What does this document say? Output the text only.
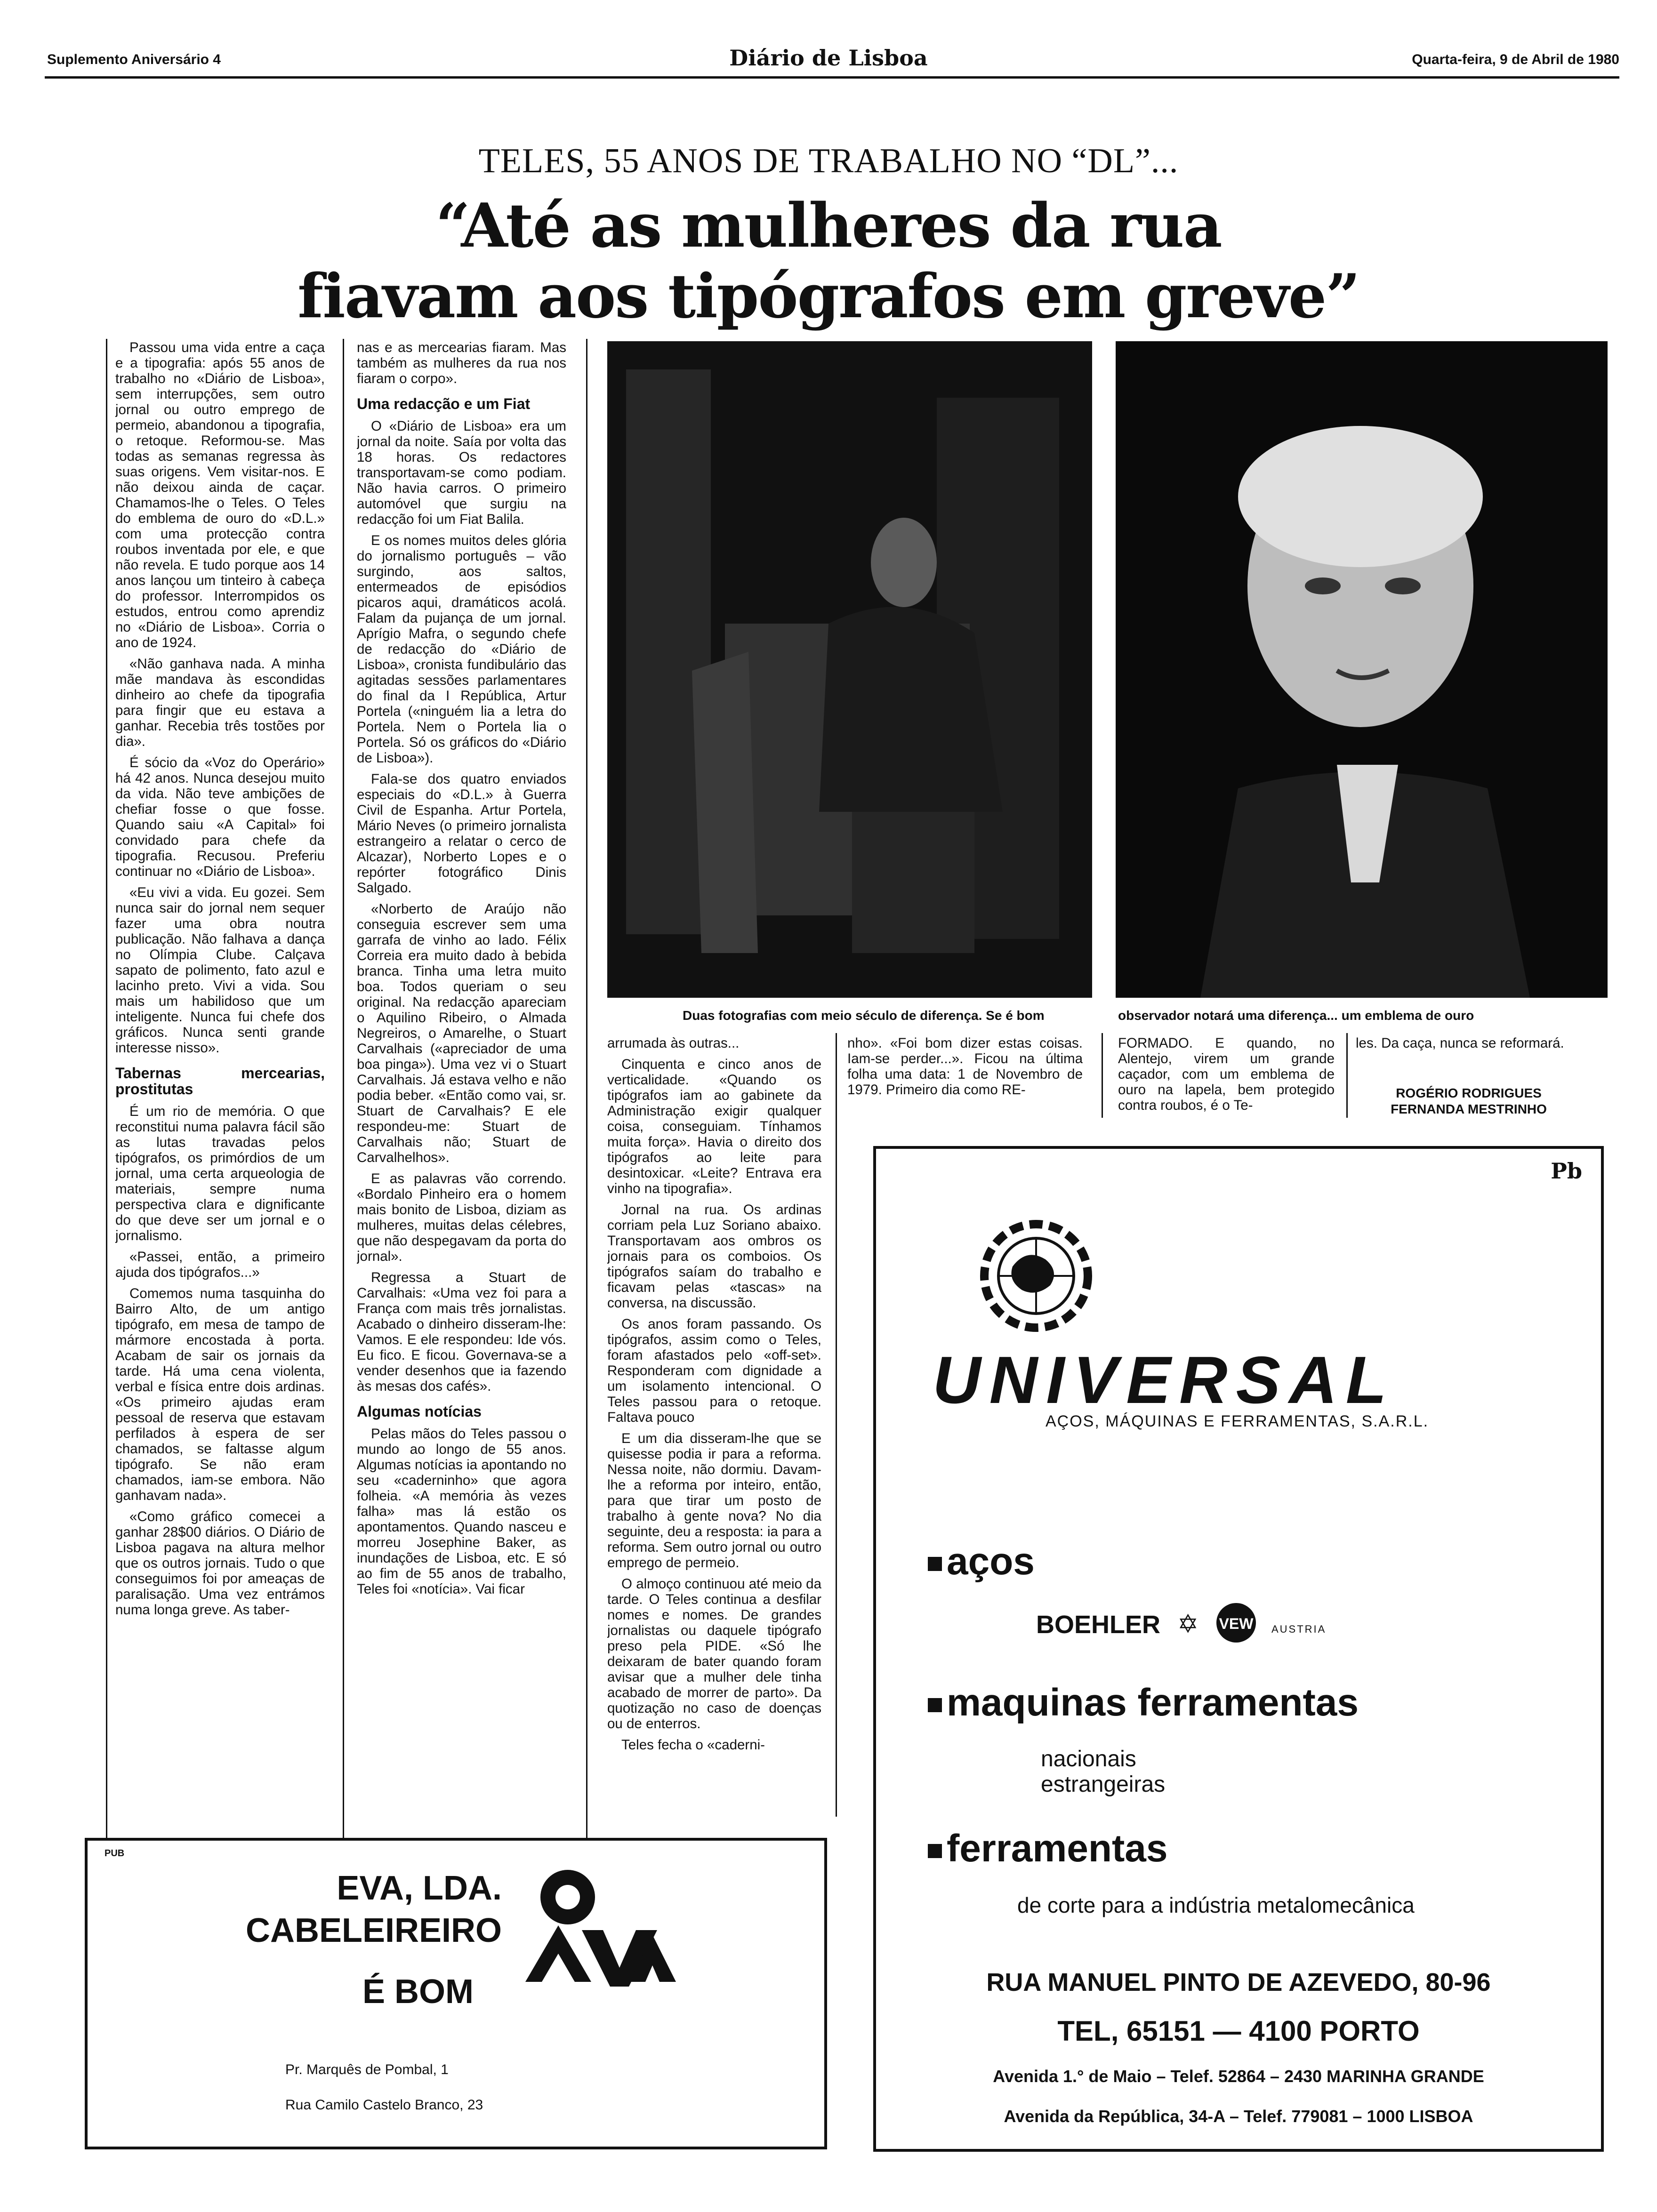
Suplemento Aniversário 4	Diário de Lisboa	Quarta-feira, 9 de Abril de 1980
TELES, 55 ANOS DE TRABALHO NO “DL”...
“Até as mulheres da rua
fiavam aos tipógrafos em greve”

Passou uma vida entre a caça e a tipografia: após 55 anos de trabalho no «Diário de Lisboa», sem interrupções, sem outro jornal ou outro emprego de permeio, abandonou a tipografia, o retoque. Reformou-se. Mas todas as semanas regressa às suas origens. Vem visitar-nos. E não deixou ainda de caçar. Chamamos-lhe o Teles. O Teles do emblema de ouro do «D.L.» com uma protecção contra roubos inventada por ele, e que não revela. E tudo porque aos 14 anos lançou um tinteiro à cabeça do professor. Interrompidos os estudos, entrou como aprendiz no «Diário de Lisboa». Corria o ano de 1924.

«Não ganhava nada. A minha mãe mandava às escondidas dinheiro ao chefe da tipografia para fingir que eu estava a ganhar. Recebia três tostões por dia».

É sócio da «Voz do Operário» há 42 anos. Nunca desejou muito da vida. Não teve ambições de chefiar fosse o que fosse. Quando saiu «A Capital» foi convidado para chefe da tipografia. Recusou. Preferiu continuar no «Diário de Lisboa».

«Eu vivi a vida. Eu gozei. Sem nunca sair do jornal nem sequer fazer uma obra noutra publicação. Não falhava a dança no Olímpia Clube. Calçava sapato de polimento, fato azul e lacinho preto. Vivi a vida. Sou mais um habilidoso que um inteligente. Nunca fui chefe dos gráficos. Nunca senti grande interesse nisso».

Tabernas mercearias, prostitutas

É um rio de memória. O que reconstitui numa palavra fácil são as lutas travadas pelos tipógrafos, os primórdios de um jornal, uma certa arqueologia de materiais, sempre numa perspectiva clara e dignificante do que deve ser um jornal e o jornalismo.

«Passei, então, a primeiro ajuda dos tipógrafos...»

Comemos numa tasquinha do Bairro Alto, de um antigo tipógrafo, em mesa de tampo de mármore encostada à porta. Acabam de sair os jornais da tarde. Há uma cena violenta, verbal e física entre dois ardinas. «Os primeiro ajudas eram pessoal de reserva que estavam perfilados à espera de ser chamados, se faltasse algum tipógrafo. Se não eram chamados, iam-se embora. Não ganhavam nada».

«Como gráfico comecei a ganhar 28$00 diários. O Diário de Lisboa pagava na altura melhor que os outros jornais. Tudo o que conseguimos foi por ameaças de paralisação. Uma vez entrámos numa longa greve. As taber-

nas e as mercearias fiaram. Mas também as mulheres da rua nos fiaram o corpo».

Uma redacção e um Fiat

O «Diário de Lisboa» era um jornal da noite. Saía por volta das 18 horas. Os redactores transportavam-se como podiam. Não havia carros. O primeiro automóvel que surgiu na redacção foi um Fiat Balila.

E os nomes muitos deles glória do jornalismo português – vão surgindo, aos saltos, entermeados de episódios picaros aqui, dramáticos acolá. Falam da pujança de um jornal. Aprígio Mafra, o segundo chefe de redacção do «Diário de Lisboa», cronista fundibulário das agitadas sessões parlamentares do final da I República, Artur Portela («ninguém lia a letra do Portela. Nem o Portela lia o Portela. Só os gráficos do «Diário de Lisboa»).

Fala-se dos quatro enviados especiais do «D.L.» à Guerra Civil de Espanha. Artur Portela, Mário Neves (o primeiro jornalista estrangeiro a relatar o cerco de Alcazar), Norberto Lopes e o repórter fotográfico Dinis Salgado.

«Norberto de Araújo não conseguia escrever sem uma garrafa de vinho ao lado. Félix Correia era muito dado à bebida branca. Tinha uma letra muito boa. Todos queriam o seu original. Na redacção apareciam o Aquilino Ribeiro, o Almada Negreiros, o Amarelhe, o Stuart Carvalhais («apreciador de uma boa pinga»). Uma vez vi o Stuart Carvalhais. Já estava velho e não podia beber. «Então como vai, sr. Stuart de Carvalhais? E ele respondeu-me: Stuart de Carvalhais não; Stuart de Carvalhelhos».

E as palavras vão correndo. «Bordalo Pinheiro era o homem mais bonito de Lisboa, diziam as mulheres, muitas delas célebres, que não despegavam da porta do jornal».

Regressa a Stuart de Carvalhais: «Uma vez foi para a França com mais três jornalistas. Acabado o dinheiro disseram-lhe: Vamos. E ele respondeu: Ide vós. Eu fico. E ficou. Governava-se a vender desenhos que ia fazendo às mesas dos cafés».

Algumas notícias

Pelas mãos do Teles passou o mundo ao longo de 55 anos. Algumas notícias ia apontando no seu «caderninho» que agora folheia. «A memória às vezes falha» mas lá estão os apontamentos. Quando nasceu e morreu Josephine Baker, as inundações de Lisboa, etc. E só ao fim de 55 anos de trabalho, Teles foi «notícia». Vai ficar

Duas fotografias com meio século de diferença. Se é bom	observador notará uma diferença... um emblema de ouro

arrumada às outras...

Cinquenta e cinco anos de verticalidade. «Quando os tipógrafos iam ao gabinete da Administração exigir qualquer coisa, conseguiam. Tínhamos muita força». Havia o direito dos tipógrafos ao leite para desintoxicar. «Leite? Entrava era vinho na tipografia».

Jornal na rua. Os ardinas corriam pela Luz Soriano abaixo. Transportavam aos ombros os jornais para os comboios. Os tipógrafos saíam do trabalho e ficavam pelas «tascas» na conversa, na discussão.

Os anos foram passando. Os tipógrafos, assim como o Teles, foram afastados pelo «off-set». Responderam com dignidade a um isolamento intencional. O Teles passou para o retoque. Faltava pouco

E um dia disseram-lhe que se quisesse podia ir para a reforma. Nessa noite, não dormiu. Davam-lhe a reforma por inteiro, então, para que tirar um posto de trabalho à gente nova? No dia seguinte, deu a resposta: ia para a reforma. Sem outro jornal ou outro emprego de permeio.

O almoço continuou até meio da tarde. O Teles continua a desfilar nomes e nomes. De grandes jornalistas ou daquele tipógrafo preso pela PIDE. «Só lhe deixaram de bater quando foram avisar que a mulher dele tinha acabado de morrer de parto». Da quotização no caso de doenças ou de enterros.

Teles fecha o «caderni-

nho». «Foi bom dizer estas coisas. Iam-se perder...». Ficou na última folha uma data: 1 de Novembro de 1979. Primeiro dia como RE-

FORMADO. E quando, no Alentejo, virem um grande caçador, com um emblema de ouro na lapela, bem protegido contra roubos, é o Te-

les. Da caça, nunca se reformará.

ROGÉRIO RODRIGUES
FERNANDA MESTRINHO
PUB
EVA, LDA.
CABELEIREIRO
É BOM
Pr. Marquês de Pombal, 1
Rua Camilo Castelo Branco, 23
Pb
UNIVERSAL
AÇOS, MÁQUINAS E FERRAMENTAS, S.A.R.L.
aços
BOEHLER ✡ VEW AUSTRIA
maquinas ferramentas
nacionais
estrangeiras
ferramentas
de corte para a indústria metalomecânica
RUA MANUEL PINTO DE AZEVEDO, 80-96
TEL, 65151 — 4100 PORTO
Avenida 1.° de Maio – Telef. 52864 – 2430 MARINHA GRANDE
Avenida da República, 34-A – Telef. 779081 – 1000 LISBOA
